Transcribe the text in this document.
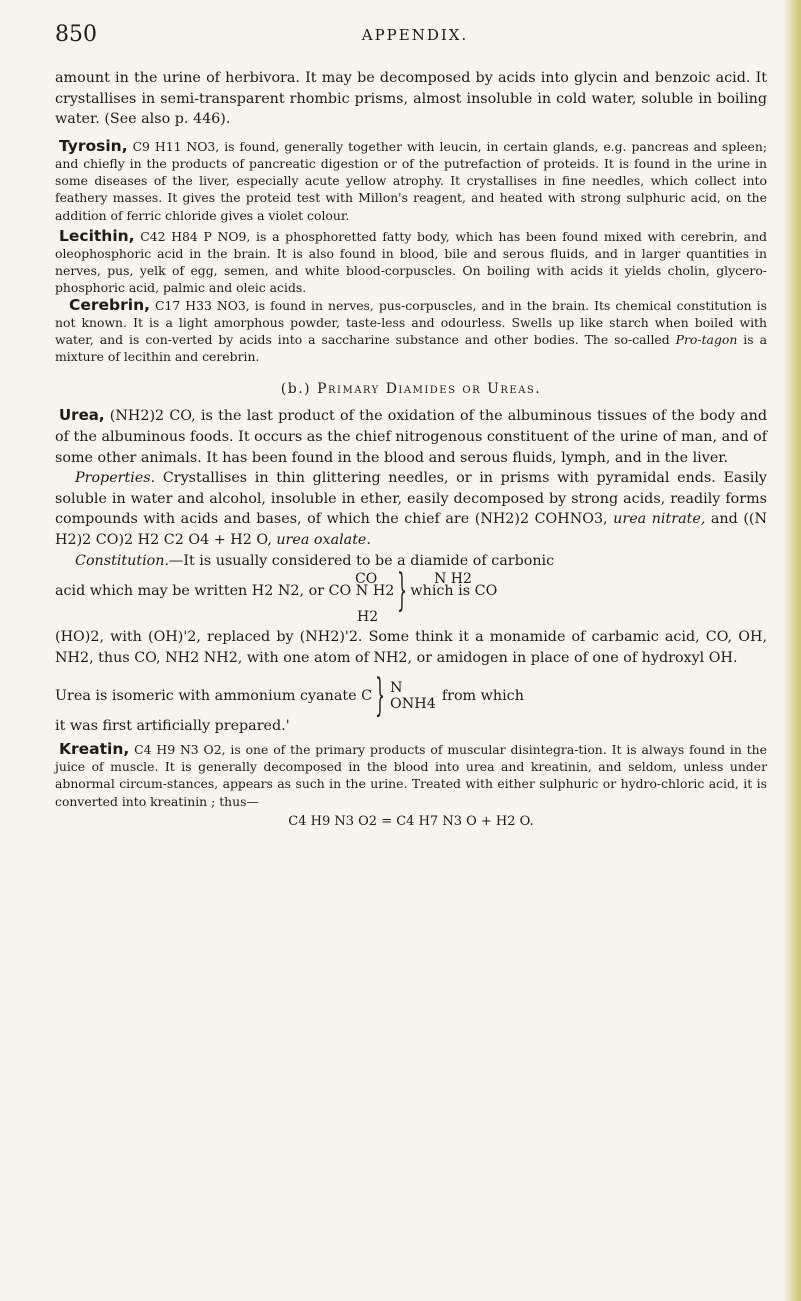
850	APPENDIX.

amount in the urine of herbivora. It may be decomposed by acids into glycin and benzoic acid. It crystallises in semi-transparent rhombic prisms, almost insoluble in cold water, soluble in boiling water. (See also p. 446).

Tyrosin, C9 H11 NO3, is found, generally together with leucin, in certain glands, e.g. pancreas and spleen; and chiefly in the products of pancreatic digestion or of the putrefaction of proteids. It is found in the urine in some diseases of the liver, especially acute yellow atrophy. It crystallises in fine needles, which collect into feathery masses. It gives the proteid test with Millon's reagent, and heated with strong sulphuric acid, on the addition of ferric chloride gives a violet colour.

Lecithin, C42 H84 P NO9, is a phosphoretted fatty body, which has been found mixed with cerebrin, and oleophosphoric acid in the brain. It is also found in blood, bile and serous fluids, and in larger quantities in nerves, pus, yelk of egg, semen, and white blood-corpuscles. On boiling with acids it yields cholin, glycero-phosphoric acid, palmic and oleic acids.

Cerebrin, C17 H33 NO3, is found in nerves, pus-corpuscles, and in the brain. Its chemical constitution is not known. It is a light amorphous powder, taste-less and odourless. Swells up like starch when boiled with water, and is con-verted by acids into a saccharine substance and other bodies. The so-called Pro-tagon is a mixture of lecithin and cerebrin.

(b.) Primary Diamides or Ureas.

Urea, (NH2)2 CO, is the last product of the oxidation of the albuminous tissues of the body and of the albuminous foods. It occurs as the chief nitrogenous constituent of the urine of man, and of some other animals. It has been found in the blood and serous fluids, lymph, and in the liver.

Properties. Crystallises in thin glittering needles, or in prisms with pyramidal ends. Easily soluble in water and alcohol, insoluble in ether, easily decomposed by strong acids, readily forms compounds with acids and bases, of which the chief are (NH2)2 COHNO3, urea nitrate, and ((N H2)2 CO)2 H2 C2 O4 + H2 O, urea oxalate.

Constitution.—It is usually considered to be a diamide of carbonic

acid which may be written H2 N2, or CO N H2 } which is CO
CO	N H2
H2

(HO)2, with (OH)'2, replaced by (NH2)'2. Some think it a monamide of carbamic acid, CO, OH, NH2, thus CO, NH2 NH2, with one atom of NH2, or amidogen in place of one of hydroxyl OH.

Urea is isomeric with ammonium cyanate C } N
ONH4 from which

it was first artificially prepared.'

Kreatin, C4 H9 N3 O2, is one of the primary products of muscular disintegra-tion. It is always found in the juice of muscle. It is generally decomposed in the blood into urea and kreatinin, and seldom, unless under abnormal circum-stances, appears as such in the urine. Treated with either sulphuric or hydro-chloric acid, it is converted into kreatinin ; thus—

C4 H9 N3 O2 = C4 H7 N3 O + H2 O.
